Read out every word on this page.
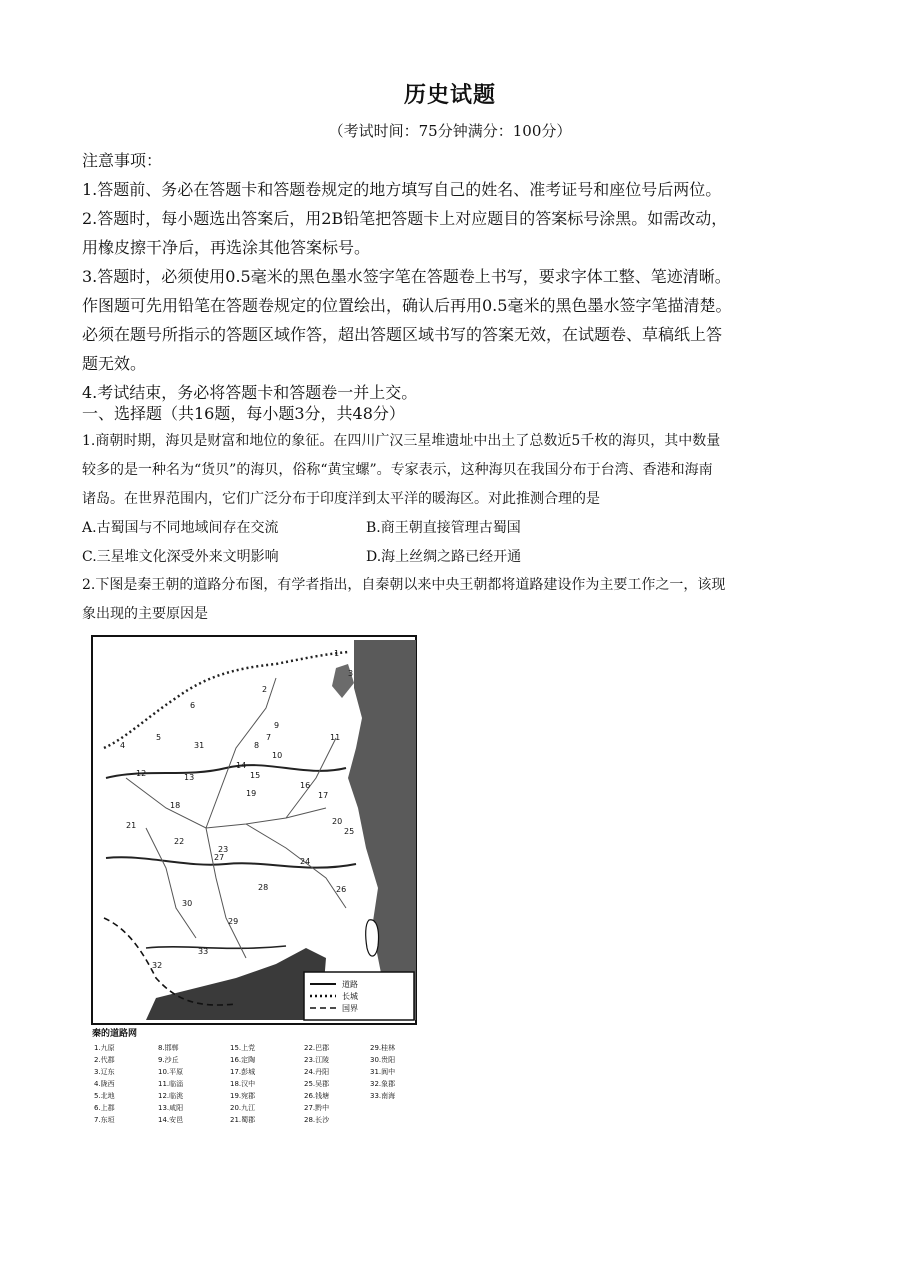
历史试题
（考试时间：75分钟满分：100分）

注意事项：

1.答题前、务必在答题卡和答题卷规定的地方填写自己的姓名、准考证号和座位号后两位。

2.答题时，每小题选出答案后，用2B铅笔把答题卡上对应题目的答案标号涂黑。如需改动，

用橡皮擦干净后，再选涂其他答案标号。

3.答题时，必须使用0.5毫米的黑色墨水签字笔在答题卷上书写，要求字体工整、笔迹清晰。

作图题可先用铅笔在答题卷规定的位置绘出，确认后再用0.5毫米的黑色墨水签字笔描清楚。

必须在题号所指示的答题区域作答，超出答题区域书写的答案无效，在试题卷、草稿纸上答

题无效。

4.考试结束，务必将答题卡和答题卷一并上交。

一、选择题（共16题，每小题3分，共48分）

1.商朝时期，海贝是财富和地位的象征。在四川广汉三星堆遗址中出土了总数近5千枚的海贝，其中数量

较多的是一种名为“货贝”的海贝，俗称“黄宝螺”。专家表示，这种海贝在我国分布于台湾、香港和海南

诸岛。在世界范围内，它们广泛分布于印度洋到太平洋的暖海区。对此推测合理的是

A.古蜀国与不同地域间存在交流	B.商王朝直接管理古蜀国
C.三星堆文化深受外来文明影响	D.海上丝绸之路已经开通

2.下图是秦王朝的道路分布图，有学者指出，自秦朝以来中央王朝都将道路建设作为主要工作之一，该现

象出现的主要原因是

道路
长城
国界
1
2
3
4
5
6
7
8
9
10
11
12	13
14
15
16
17
18
19
20
21
22
23
24
25
26
27
28
29
30
31
32
33
秦的道路网
1.九原	8.邯郸	15.上党	22.巴郡	29.桂林
2.代郡	9.沙丘	16.定陶	23.江陵	30.贵阳
3.辽东	10.平原	17.彭城	24.丹阳	31.阆中
4.陇西	11.临淄	18.汉中	25.吴郡	32.象郡
5.北地	12.临洮	19.宛郡	26.钱塘	33.南海
6.上郡	13.咸阳	20.九江	27.黔中
7.东垣	14.安邑	21.蜀郡	28.长沙
